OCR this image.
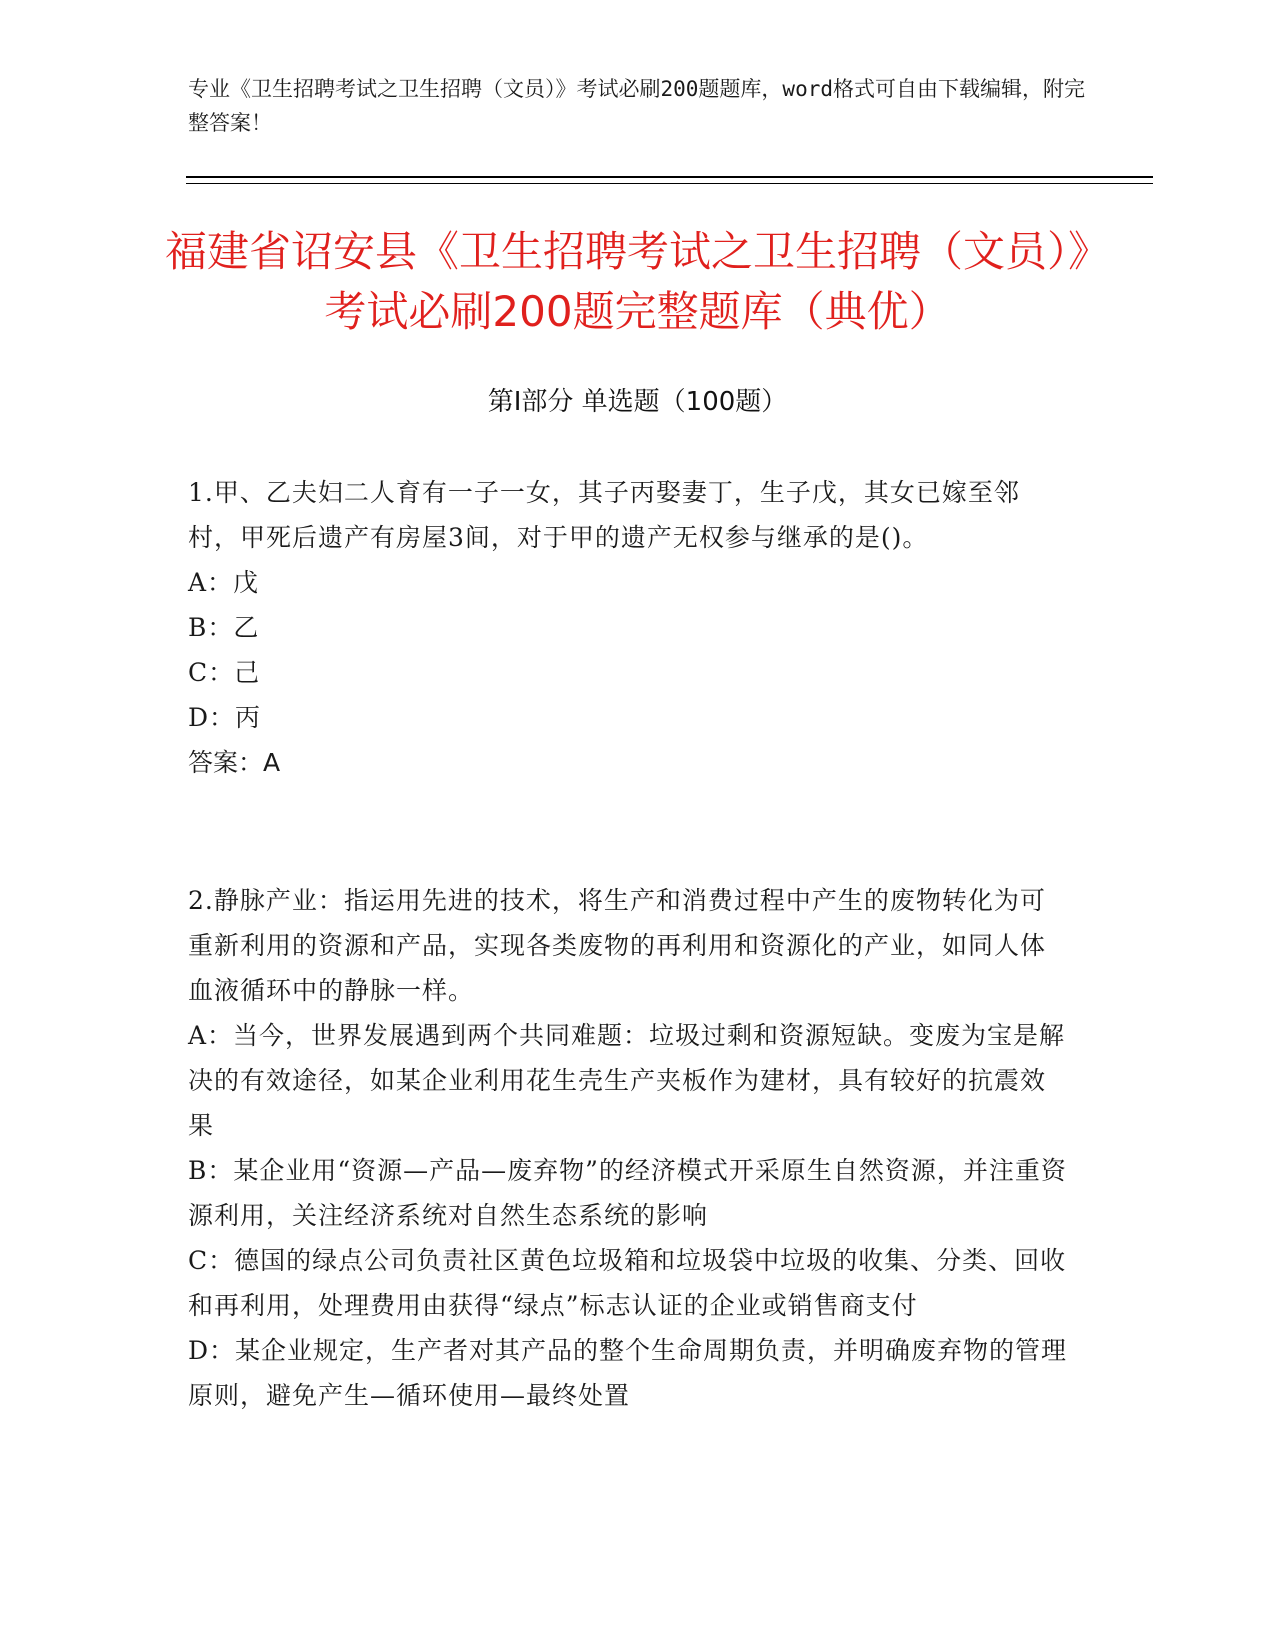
专业《卫生招聘考试之卫生招聘（文员）》考试必刷200题题库，word格式可自由下载编辑，附完整答案！
福建省诏安县《卫生招聘考试之卫生招聘（文员）》考试必刷200题完整题库（典优）
第Ⅰ部分 单选题（100题）
1.甲、乙夫妇二人育有一子一女，其子丙娶妻丁，生子戊，其女已嫁至邻村，甲死后遗产有房屋3间，对于甲的遗产无权参与继承的是()。
A：戊
B：乙
C：己
D：丙
答案：A
2.静脉产业：指运用先进的技术，将生产和消费过程中产生的废物转化为可重新利用的资源和产品，实现各类废物的再利用和资源化的产业，如同人体血液循环中的静脉一样。
A：当今，世界发展遇到两个共同难题：垃圾过剩和资源短缺。变废为宝是解决的有效途径，如某企业利用花生壳生产夹板作为建材，具有较好的抗震效果
B：某企业用“资源—产品—废弃物”的经济模式开采原生自然资源，并注重资源利用，关注经济系统对自然生态系统的影响
C：德国的绿点公司负责社区黄色垃圾箱和垃圾袋中垃圾的收集、分类、回收和再利用，处理费用由获得“绿点”标志认证的企业或销售商支付
D：某企业规定，生产者对其产品的整个生命周期负责，并明确废弃物的管理原则，避免产生—循环使用—最终处置
